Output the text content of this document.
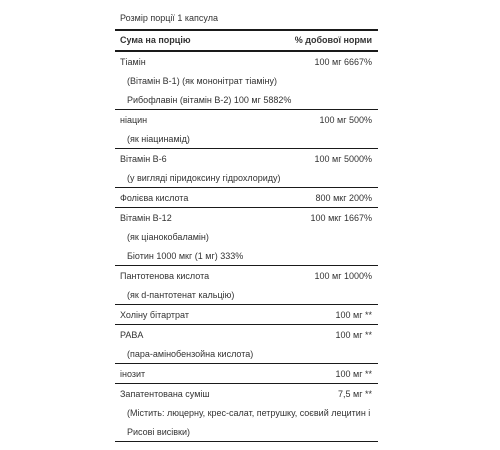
Розмір порції 1 капсула
Сума на порцію	% добової норми
Тіамін	100 мг 6667%
(Вітамін В-1) (як мононітрат тіаміну)
Рибофлавін (вітамін В-2) 100 мг 5882%
ніацин	100 мг 500%
(як ніацинамід)
Вітамін В-6	100 мг 5000%
(у вигляді піридоксину гідрохлориду)
Фолієва кислота	800 мкг 200%
Вітамін В-12	100 мкг 1667%
(як ціанокобаламін)
Біотин 1000 мкг (1 мг) 333%
Пантотенова кислота	100 мг 1000%
(як d-пантотенат кальцію)
Холіну бітартрат	100 мг **
PABA	100 мг **
(пара-амінобензойна кислота)
інозит	100 мг **
Запатентована суміш	7,5 мг **
(Містить: люцерну, крес-салат, петрушку, соєвий лецитин і
Рисові висівки)
